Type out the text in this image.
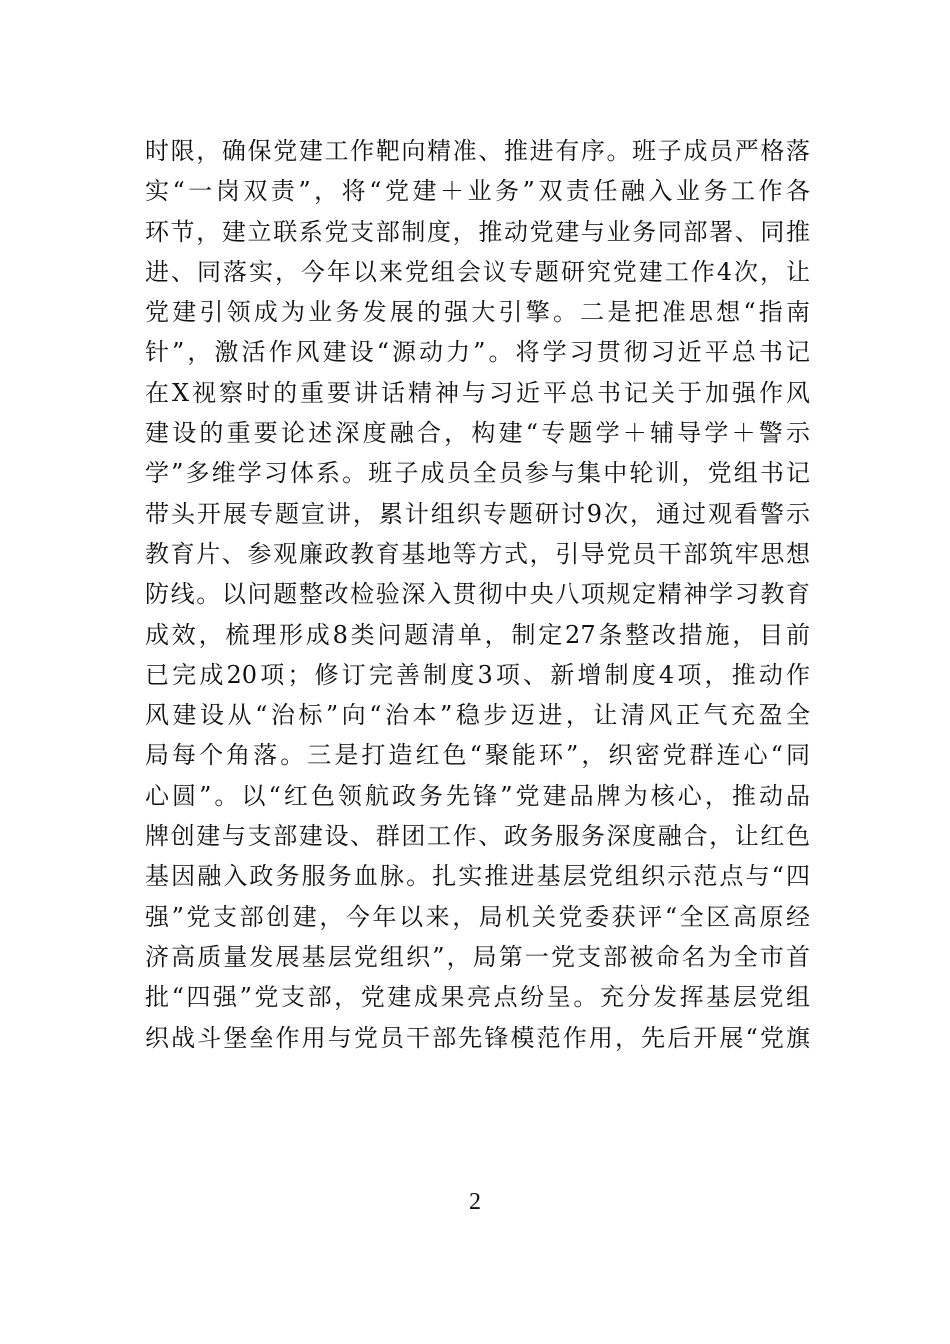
时限，确保党建工作靶向精准、推进有序。班子成员严格落
实“一岗双责”，将“党建＋业务”双责任融入业务工作各
环节，建立联系党支部制度，推动党建与业务同部署、同推
进、同落实，今年以来党组会议专题研究党建工作4次，让
党建引领成为业务发展的强大引擎。二是把准思想“指南
针”，激活作风建设“源动力”。将学习贯彻习近平总书记
在X视察时的重要讲话精神与习近平总书记关于加强作风
建设的重要论述深度融合，构建“专题学＋辅导学＋警示
学”多维学习体系。班子成员全员参与集中轮训，党组书记
带头开展专题宣讲，累计组织专题研讨9次，通过观看警示
教育片、参观廉政教育基地等方式，引导党员干部筑牢思想
防线。以问题整改检验深入贯彻中央八项规定精神学习教育
成效，梳理形成8类问题清单，制定27条整改措施，目前
已完成20项；修订完善制度3项、新增制度4项，推动作
风建设从“治标”向“治本”稳步迈进，让清风正气充盈全
局每个角落。三是打造红色“聚能环”，织密党群连心“同
心圆”。以“红色领航政务先锋”党建品牌为核心，推动品
牌创建与支部建设、群团工作、政务服务深度融合，让红色
基因融入政务服务血脉。扎实推进基层党组织示范点与“四
强”党支部创建，今年以来，局机关党委获评“全区高原经
济高质量发展基层党组织”，局第一党支部被命名为全市首
批“四强”党支部，党建成果亮点纷呈。充分发挥基层党组
织战斗堡垒作用与党员干部先锋模范作用，先后开展“党旗
2
